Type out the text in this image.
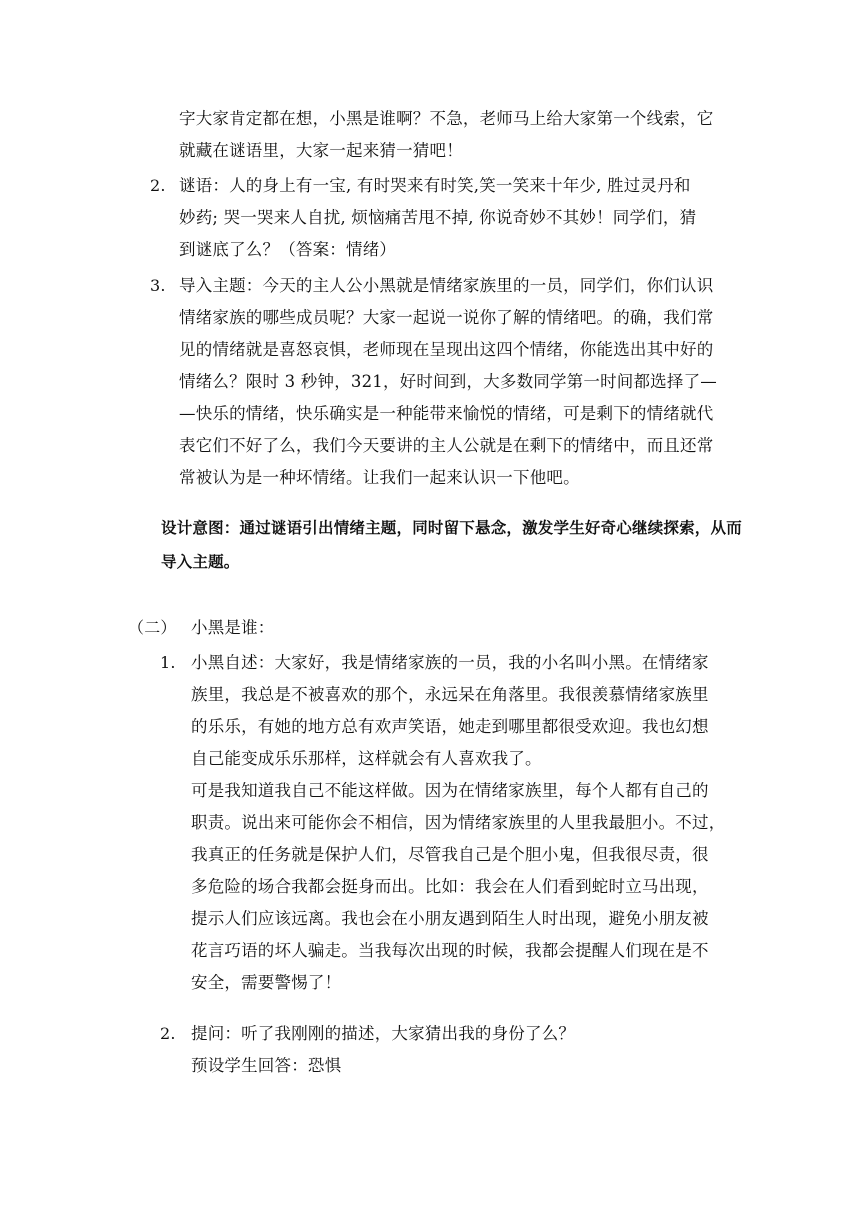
字大家肯定都在想，小黑是谁啊？不急，老师马上给大家第一个线索，它
就藏在谜语里，大家一起来猜一猜吧！
2. 谜语：人的身上有一宝, 有时哭来有时笑,笑一笑来十年少, 胜过灵丹和
妙药; 哭一哭来人自扰, 烦恼痛苦甩不掉, 你说奇妙不其妙！同学们，猜
到谜底了么？（答案：情绪）
3. 导入主题：今天的主人公小黑就是情绪家族里的一员，同学们，你们认识
情绪家族的哪些成员呢？大家一起说一说你了解的情绪吧。的确，我们常
见的情绪就是喜怒哀惧，老师现在呈现出这四个情绪，你能选出其中好的
情绪么？限时 3 秒钟，321，好时间到，大多数同学第一时间都选择了—
—快乐的情绪，快乐确实是一种能带来愉悦的情绪，可是剩下的情绪就代
表它们不好了么，我们今天要讲的主人公就是在剩下的情绪中，而且还常
常被认为是一种坏情绪。让我们一起来认识一下他吧。
设计意图：通过谜语引出情绪主题，同时留下悬念，激发学生好奇心继续探索，从而
导入主题。
（二） 小黑是谁：
1. 小黑自述：大家好，我是情绪家族的一员，我的小名叫小黑。在情绪家
族里，我总是不被喜欢的那个，永远呆在角落里。我很羡慕情绪家族里
的乐乐，有她的地方总有欢声笑语，她走到哪里都很受欢迎。我也幻想
自己能变成乐乐那样，这样就会有人喜欢我了。
可是我知道我自己不能这样做。因为在情绪家族里，每个人都有自己的
职责。说出来可能你会不相信，因为情绪家族里的人里我最胆小。不过，
我真正的任务就是保护人们，尽管我自己是个胆小鬼，但我很尽责，很
多危险的场合我都会挺身而出。比如：我会在人们看到蛇时立马出现，
提示人们应该远离。我也会在小朋友遇到陌生人时出现，避免小朋友被
花言巧语的坏人骗走。当我每次出现的时候，我都会提醒人们现在是不
安全，需要警惕了！
2. 提问：听了我刚刚的描述，大家猜出我的身份了么？
预设学生回答：恐惧
